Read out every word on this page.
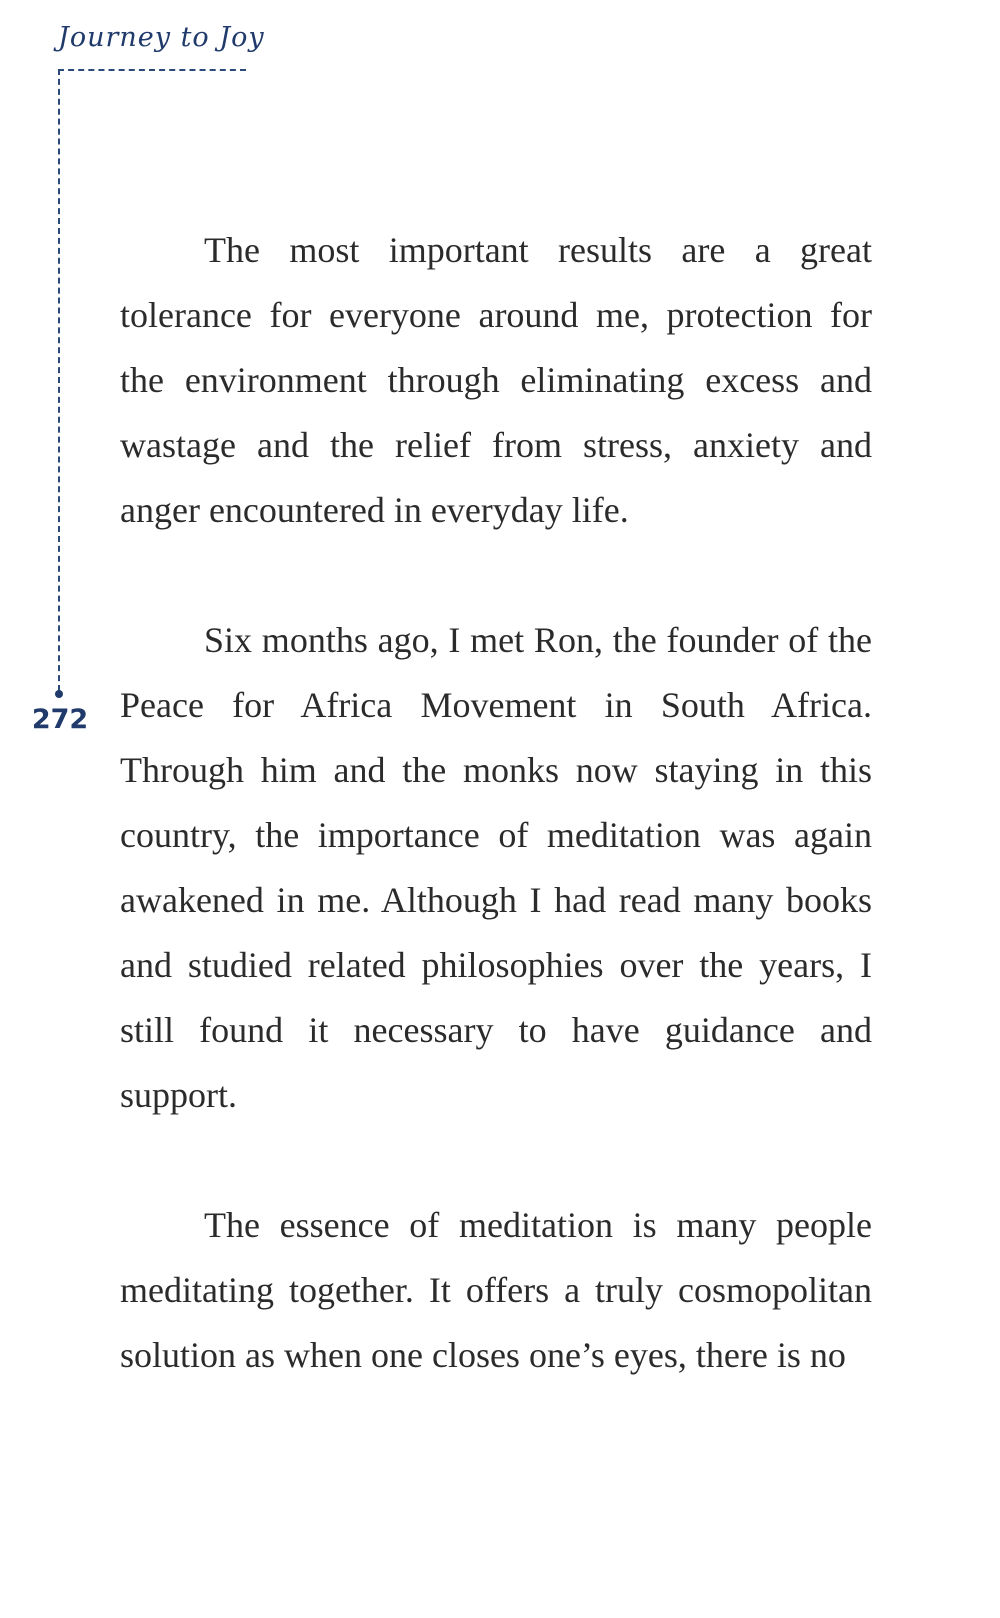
Journey to Joy
272

The most important results are a great tolerance for everyone around me, protection for the environment through eliminating excess and wastage and the relief from stress, anxiety and anger encountered in everyday life.

Six months ago, I met Ron, the founder of the Peace for Africa Movement in South Africa. Through him and the monks now staying in this country, the importance of meditation was again awakened in me. Although I had read many books and studied related philosophies over the years, I still found it necessary to have guidance and support.

The essence of meditation is many people meditating together. It offers a truly cosmopolitan solution as when one closes one’s eyes, there is no
